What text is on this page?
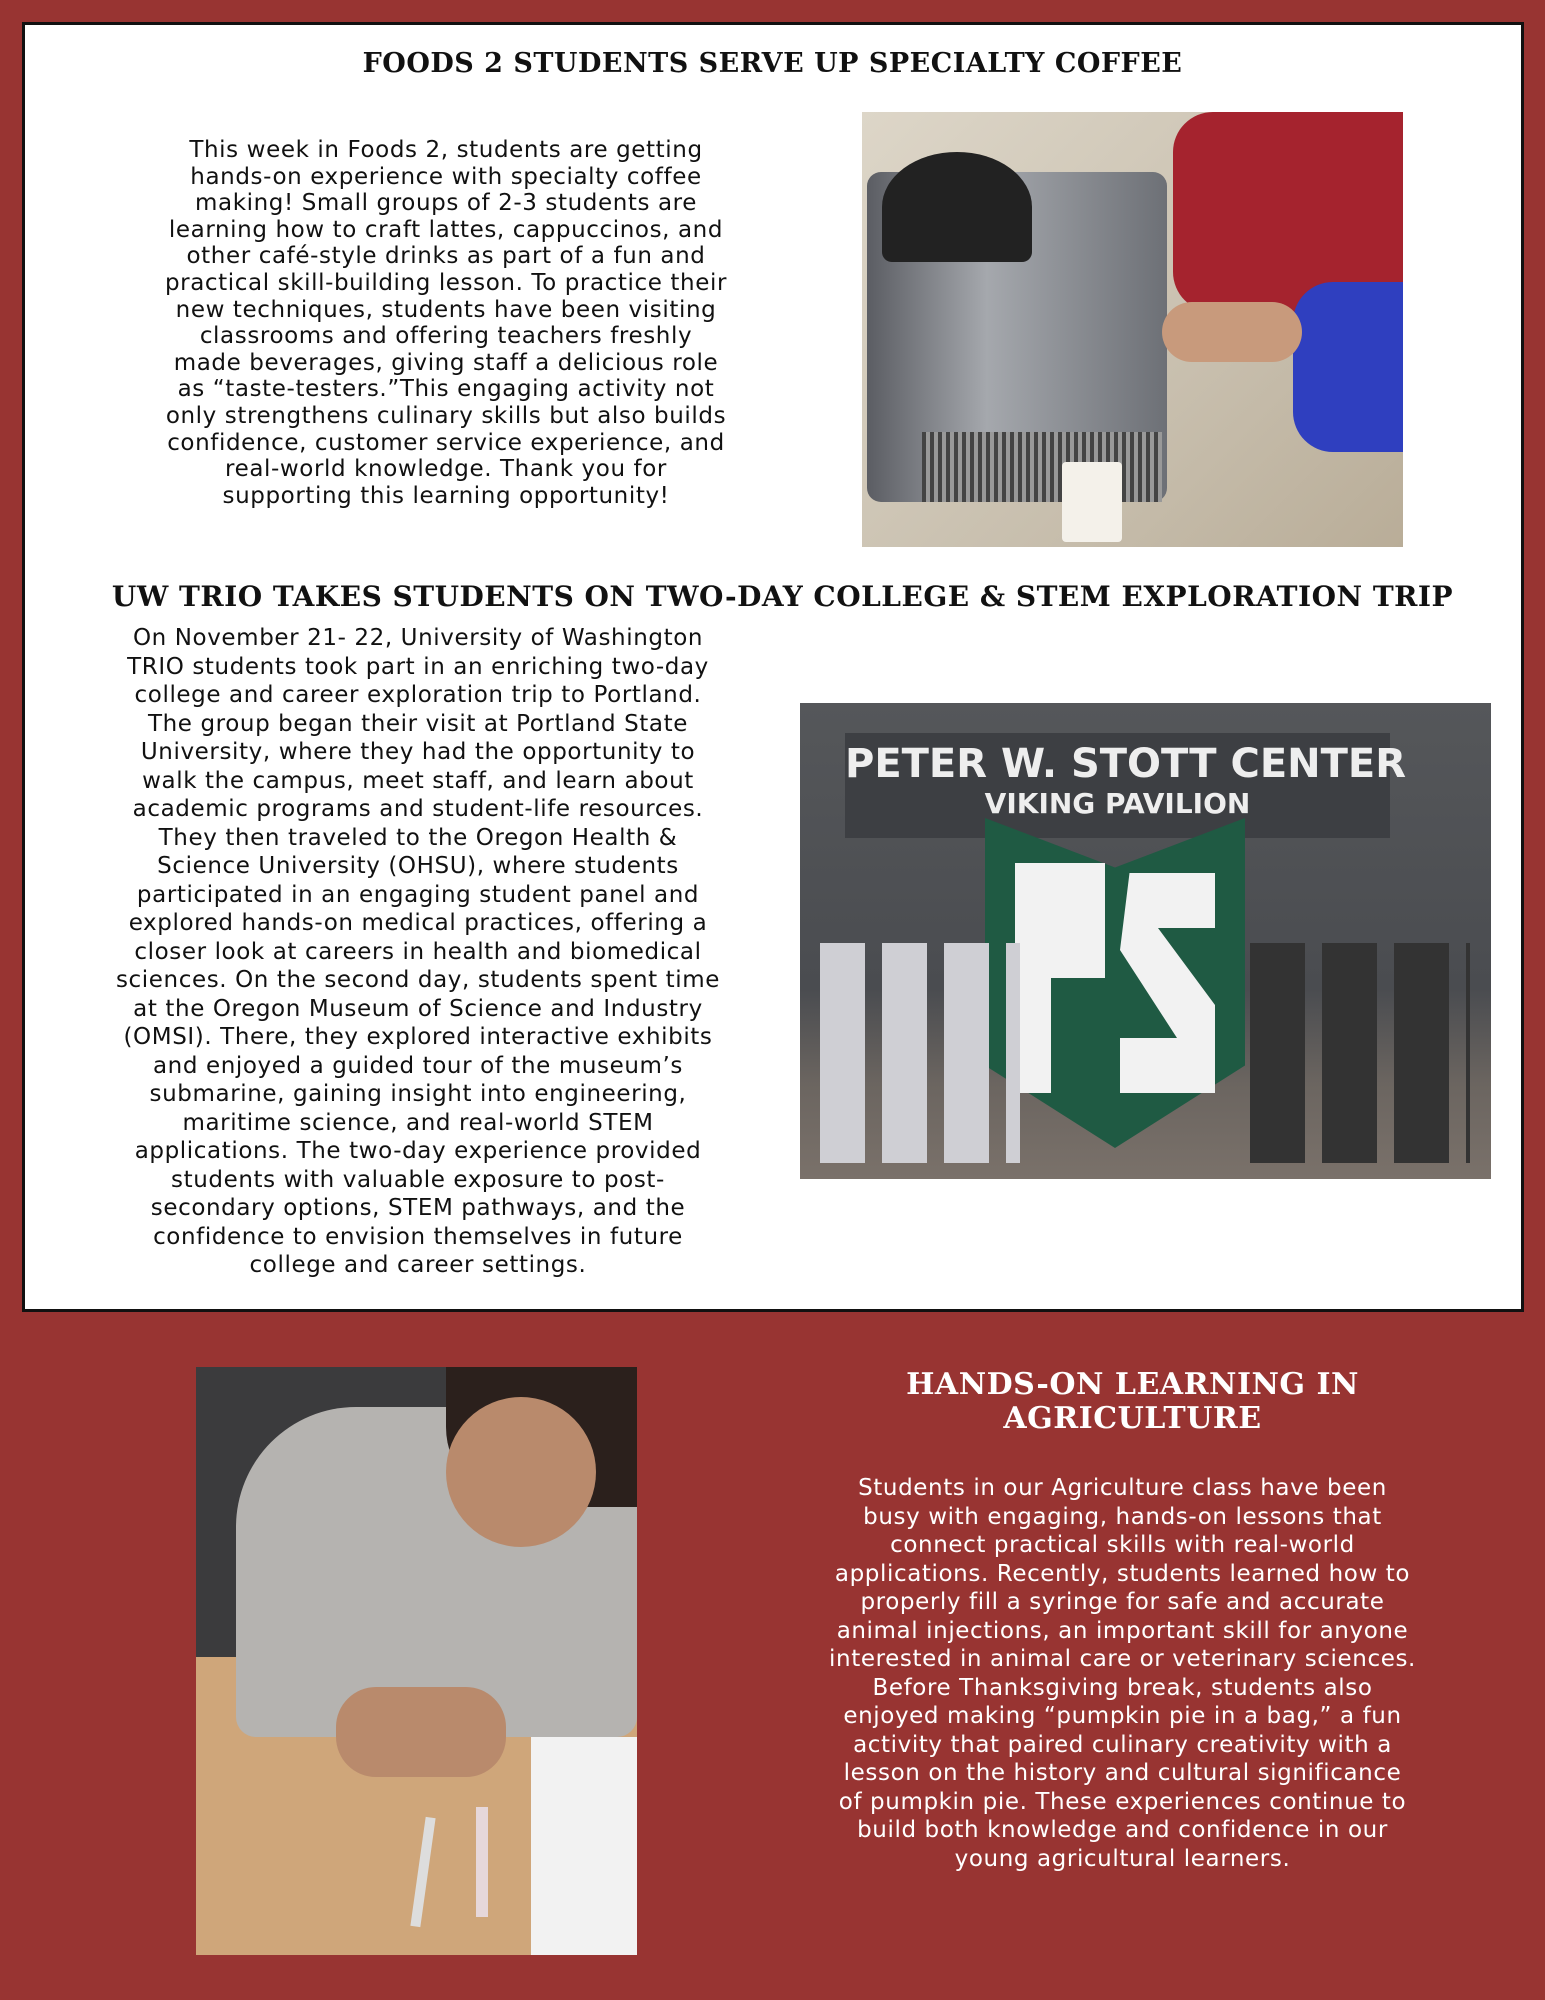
FOODS 2 STUDENTS SERVE UP SPECIALTY COFFEE
This week in Foods 2, students are getting
hands-on experience with specialty coffee
making! Small groups of 2-3 students are
learning how to craft lattes, cappuccinos, and
other café-style drinks as part of a fun and
practical skill-building lesson. To practice their
new techniques, students have been visiting
classrooms and offering teachers freshly
made beverages, giving staff a delicious role
as “taste-testers.”This engaging activity not
only strengthens culinary skills but also builds
confidence, customer service experience, and
real-world knowledge. Thank you for
supporting this learning opportunity!
UW TRIO TAKES STUDENTS ON TWO-DAY COLLEGE & STEM EXPLORATION TRIP
On November 21- 22, University of Washington
TRIO students took part in an enriching two-day
college and career exploration trip to Portland.
The group began their visit at Portland State
University, where they had the opportunity to
walk the campus, meet staff, and learn about
academic programs and student-life resources.
They then traveled to the Oregon Health &
Science University (OHSU), where students
participated in an engaging student panel and
explored hands-on medical practices, offering a
closer look at careers in health and biomedical
sciences. On the second day, students spent time
at the Oregon Museum of Science and Industry
(OMSI). There, they explored interactive exhibits
and enjoyed a guided tour of the museum’s
submarine, gaining insight into engineering,
maritime science, and real-world STEM
applications. The two-day experience provided
students with valuable exposure to post-
secondary options, STEM pathways, and the
confidence to envision themselves in future
college and career settings.
PETER W. STOTT CENTER
VIKING PAVILION
HANDS-ON LEARNING IN
AGRICULTURE
Students in our Agriculture class have been
busy with engaging, hands-on lessons that
connect practical skills with real-world
applications. Recently, students learned how to
properly fill a syringe for safe and accurate
animal injections, an important skill for anyone
interested in animal care or veterinary sciences.
Before Thanksgiving break, students also
enjoyed making “pumpkin pie in a bag,” a fun
activity that paired culinary creativity with a
lesson on the history and cultural significance
of pumpkin pie. These experiences continue to
build both knowledge and confidence in our
young agricultural learners.
